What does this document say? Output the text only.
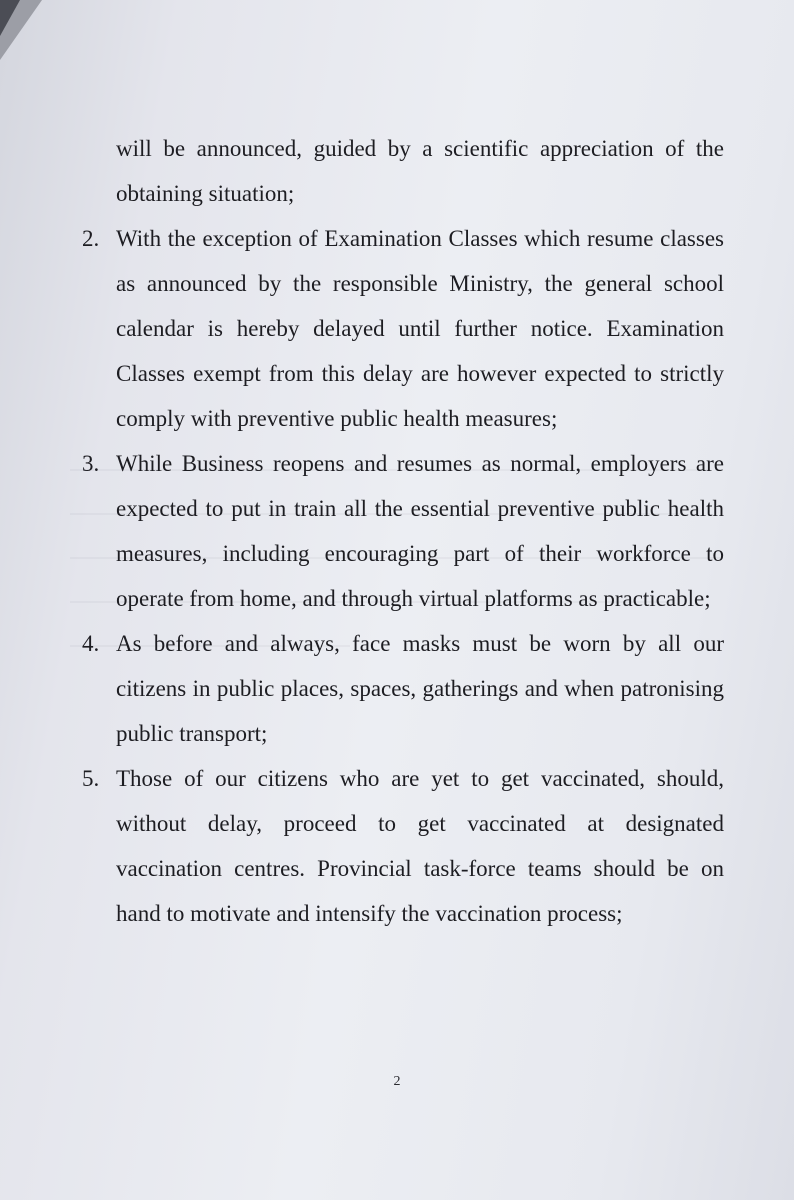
will be announced, guided by a scientific appreciation of the obtaining situation;

2. With the exception of Examination Classes which resume classes as announced by the responsible Ministry, the general school calendar is hereby delayed until further notice. Examination Classes exempt from this delay are however expected to strictly comply with preventive public health measures;

3. While Business reopens and resumes as normal, employers are expected to put in train all the essential preventive public health measures, including encouraging part of their workforce to operate from home, and through virtual platforms as practicable;

4. As before and always, face masks must be worn by all our citizens in public places, spaces, gatherings and when patronising public transport;

5. Those of our citizens who are yet to get vaccinated, should, without delay, proceed to get vaccinated at designated vaccination centres. Provincial task-force teams should be on hand to motivate and intensify the vaccination process;

2
